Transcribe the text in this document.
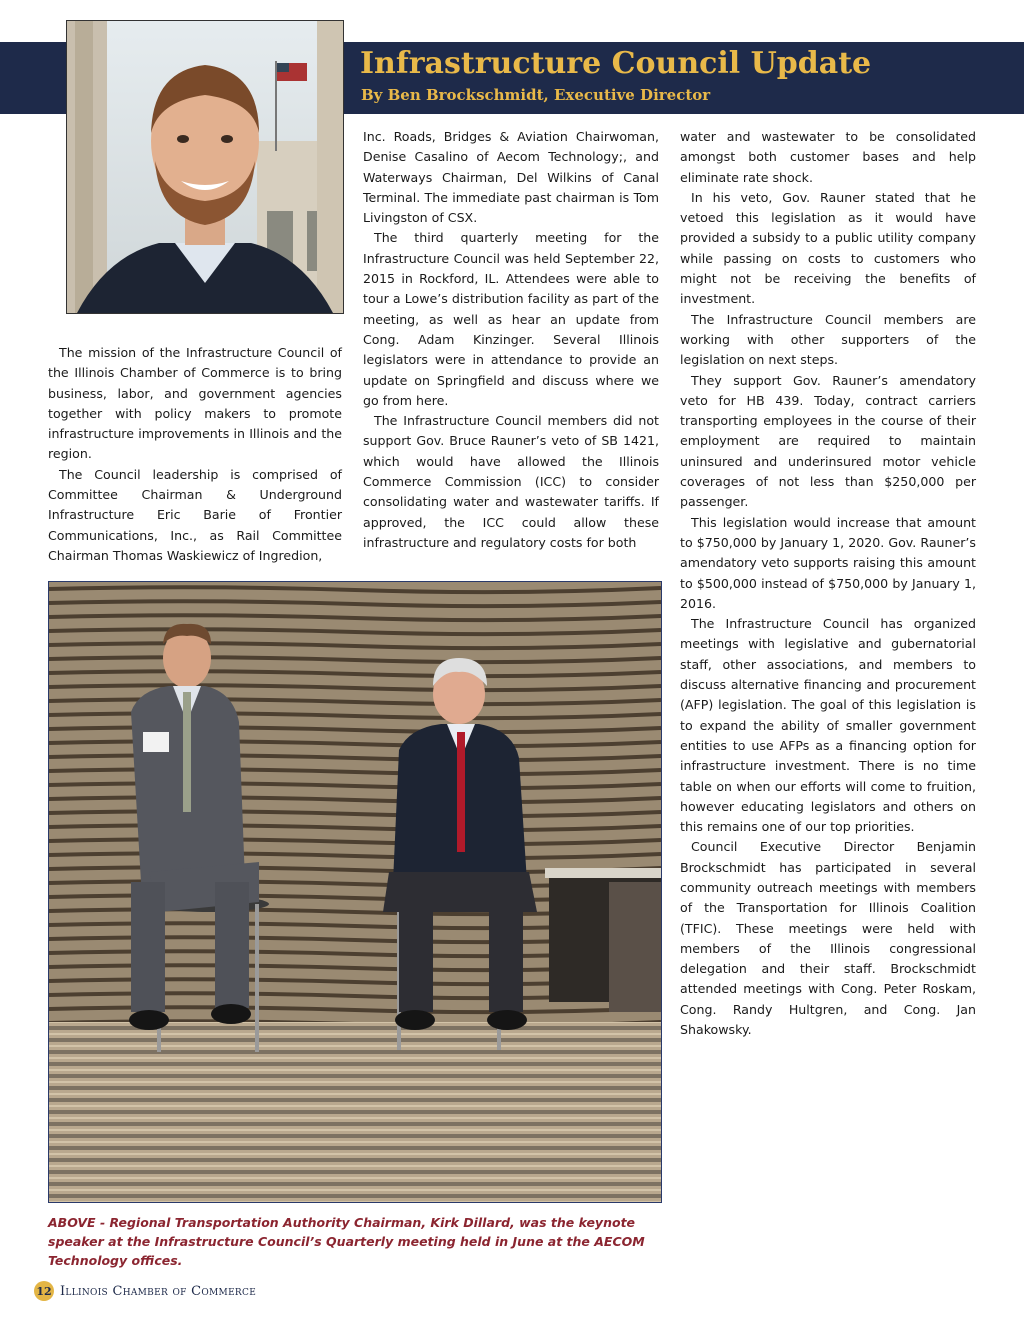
Infrastructure Council Update
By Ben Brockschmidt, Executive Director

The mission of the Infrastructure Council of the Illinois Chamber of Commerce is to bring business, labor, and government agencies together with policy makers to promote infrastructure improvements in Illinois and the region.

The Council leadership is comprised of Committee Chairman & Underground Infrastructure Eric Barie of Frontier Communications, Inc., as Rail Committee Chairman Thomas Waskiewicz of Ingredion,

Inc. Roads, Bridges & Aviation Chairwoman, Denise Casalino of Aecom Technology;, and Waterways Chairman, Del Wilkins of Canal Terminal. The immediate past chairman is Tom Livingston of CSX.

The third quarterly meeting for the Infrastructure Council was held September 22, 2015 in Rockford, IL. Attendees were able to tour a Lowe’s distribution facility as part of the meeting, as well as hear an update from Cong. Adam Kinzinger. Several Illinois legislators were in attendance to provide an update on Springfield and discuss where we go from here.

The Infrastructure Council members did not support Gov. Bruce Rauner’s veto of SB 1421, which would have allowed the Illinois Commerce Commission (ICC) to consider consolidating water and wastewater tariffs. If approved, the ICC could allow these infrastructure and regulatory costs for both

water and wastewater to be consolidated amongst both customer bases and help eliminate rate shock.

In his veto, Gov. Rauner stated that he vetoed this legislation as it would have provided a subsidy to a public utility company while passing on costs to customers who might not be receiving the benefits of investment.

The Infrastructure Council members are working with other supporters of the legislation on next steps.

They support Gov. Rauner’s amendatory veto for HB 439. Today, contract carriers transporting employees in the course of their employment are required to maintain uninsured and underinsured motor vehicle coverages of not less than $250,000 per passenger.

This legislation would increase that amount to $750,000 by January 1, 2020. Gov. Rauner’s amendatory veto supports raising this amount to $500,000 instead of $750,000 by January 1, 2016.

The Infrastructure Council has organized meetings with legislative and gubernatorial staff, other associations, and members to discuss alternative financing and procurement (AFP) legislation. The goal of this legislation is to expand the ability of smaller government entities to use AFPs as a financing option for infrastructure investment. There is no time table on when our efforts will come to fruition, however educating legislators and others on this remains one of our top priorities.

Council Executive Director Benjamin Brockschmidt has participated in several community outreach meetings with members of the Transportation for Illinois Coalition (TFIC). These meetings were held with members of the Illinois congressional delegation and their staff. Brockschmidt attended meetings with Cong. Peter Roskam, Cong. Randy Hultgren, and Cong. Jan Shakowsky.

ABOVE - Regional Transportation Authority Chairman, Kirk Dillard, was the keynote speaker at the Infrastructure Council’s Quarterly meeting held in June at the AECOM Technology offices.
12 Illinois Chamber of Commerce
